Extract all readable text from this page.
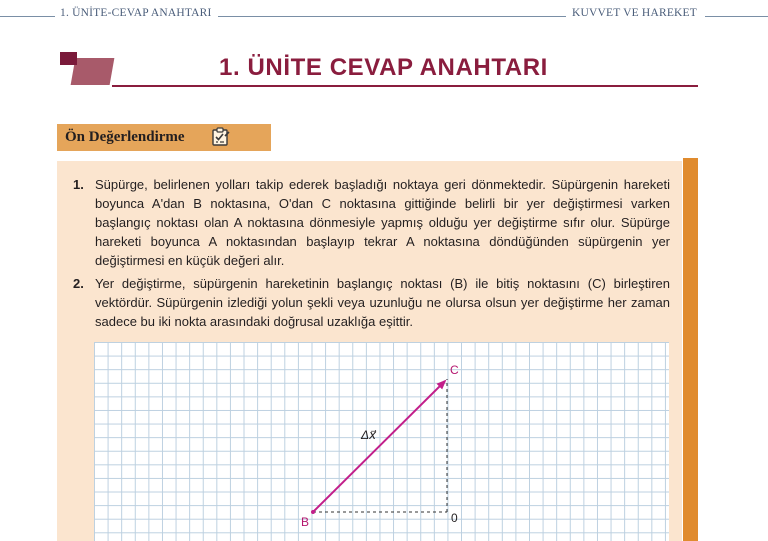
1. ÜNİTE-CEVAP ANAHTARI	KUVVET VE HAREKET
1. ÜNİTE CEVAP ANAHTARI
Ön Değerlendirme
1. Süpürge, belirlenen yolları takip ederek başladığı noktaya geri dönmektedir. Süpürgenin hareketi boyunca A'dan B noktasına, O'dan C noktasına gittiğinde belirli bir yer değiştirmesi varken başlangıç noktası olan A noktasına dönmesiyle yapmış olduğu yer değiştirme sıfır olur. Süpürge hareketi boyunca A noktasından başlayıp tekrar A noktasına döndüğünden süpürgenin yer değiştirmesi en küçük değeri alır.
2. Yer değiştirme, süpürgenin hareketinin başlangıç noktası (B) ile bitiş noktasını (C) birleştiren vektördür. Süpürgenin izlediği yolun şekli veya uzunluğu ne olursa olsun yer değiştirme her zaman sadece bu iki nokta arasındaki doğrusal uzaklığa eşittir.
B
C
0
Δx⃗
